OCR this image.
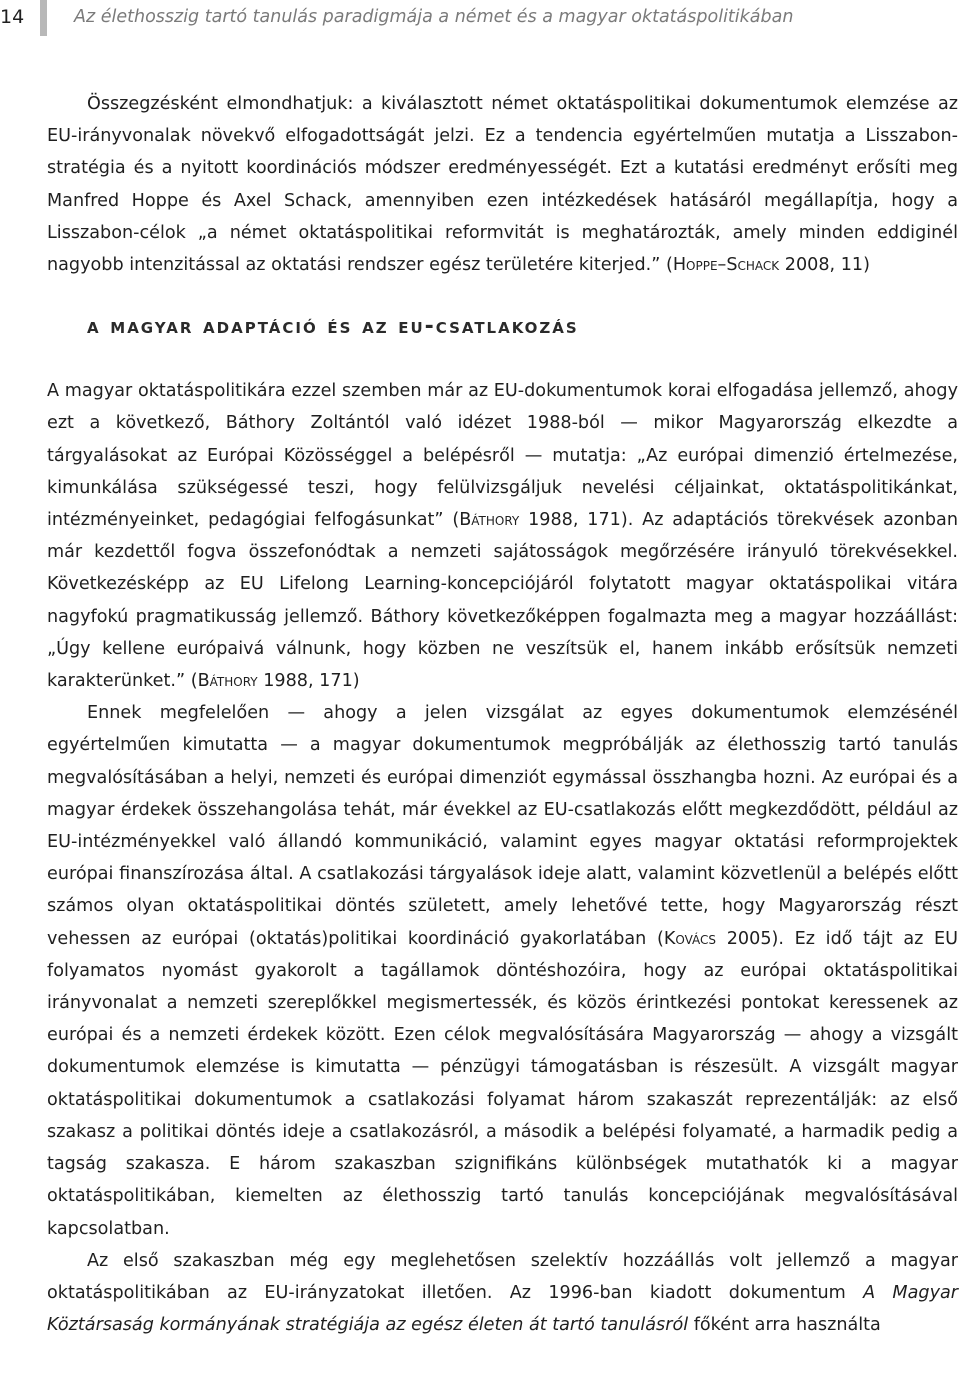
14	Az élethosszig tartó tanulás paradigmája a német és a magyar oktatáspolitikában

Összegzésként elmondhatjuk: a kiválasztott német oktatáspolitikai dokumentumok elemzése az EU-irányvonalak növekvő elfogadottságát jelzi. Ez a tendencia egyértelműen mutatja a Lisszabon-stratégia és a nyitott koordinációs módszer eredményességét. Ezt a kutatási eredményt erősíti meg Manfred Hoppe és Axel Schack, amennyiben ezen intézkedések hatásáról megállapítja, hogy a Lisszabon-célok „a német oktatáspolitikai reformvitát is meghatározták, amely minden eddiginél nagyobb intenzitással az oktatási rendszer egész területére kiterjed.” (Hoppe–Schack 2008, 11)

a magyar adaptáció és az eu-csatlakozás

A magyar oktatáspolitikára ezzel szemben már az EU-dokumentumok korai elfogadása jellemző, ahogy ezt a következő, Báthory Zoltántól való idézet 1988-ból — mikor Magyarország elkezdte a tárgyalásokat az Európai Közösséggel a belépésről — mutatja: „Az európai dimenzió értelmezése, kimunkálása szükségessé teszi, hogy felülvizsgáljuk nevelési céljainkat, oktatáspolitikánkat, intézményeinket, pedagógiai felfogásunkat” (Báthory 1988, 171). Az adaptációs törekvések azonban már kezdettől fogva összefonódtak a nemzeti sajátosságok megőrzésére irányuló törekvésekkel. Következésképp az EU Lifelong Learning-koncepciójáról folytatott magyar oktatáspolikai vitára nagyfokú pragmatikusság jellemző. Báthory következőképpen fogalmazta meg a magyar hozzáállást: „Úgy kellene európaivá válnunk, hogy közben ne veszítsük el, hanem inkább erősítsük nemzeti karakterünket.” (Báthory 1988, 171)

Ennek megfelelően — ahogy a jelen vizsgálat az egyes dokumentumok elemzésénél egyértelműen kimutatta — a magyar dokumentumok megpróbálják az élethosszig tartó tanulás megvalósításában a helyi, nemzeti és európai dimenziót egymással összhangba hozni. Az európai és a magyar érdekek összehangolása tehát, már évekkel az EU-csatlakozás előtt megkezdődött, például az EU-intézményekkel való állandó kommunikáció, valamint egyes magyar oktatási reformprojektek európai finanszírozása által. A csatlakozási tárgyalások ideje alatt, valamint közvetlenül a belépés előtt számos olyan oktatáspolitikai döntés született, amely lehetővé tette, hogy Magyarország részt vehessen az európai (oktatás)politikai koordináció gyakorlatában (Kovács 2005). Ez idő tájt az EU folyamatos nyomást gyakorolt a tagállamok döntéshozóira, hogy az európai oktatáspolitikai irányvonalat a nemzeti szereplőkkel megismertessék, és közös érintkezési pontokat keressenek az európai és a nemzeti érdekek között. Ezen célok megvalósítására Magyarország — ahogy a vizsgált dokumentumok elemzése is kimutatta — pénzügyi támogatásban is részesült. A vizsgált magyar oktatáspolitikai dokumentumok a csatlakozási folyamat három szakaszát reprezentálják: az első szakasz a politikai döntés ideje a csatlakozásról, a második a belépési folyamaté, a harmadik pedig a tagság szakasza. E három szakaszban szignifikáns különbségek mutathatók ki a magyar oktatáspolitikában, kiemelten az élethosszig tartó tanulás koncepciójának megvalósításával kapcsolatban.

Az első szakaszban még egy meglehetősen szelektív hozzáállás volt jellemző a magyar oktatáspolitikában az EU-irányzatokat illetően. Az 1996-ban kiadott dokumentum A Magyar Köztársaság kormányának stratégiája az egész életen át tartó tanulásról főként arra használta
